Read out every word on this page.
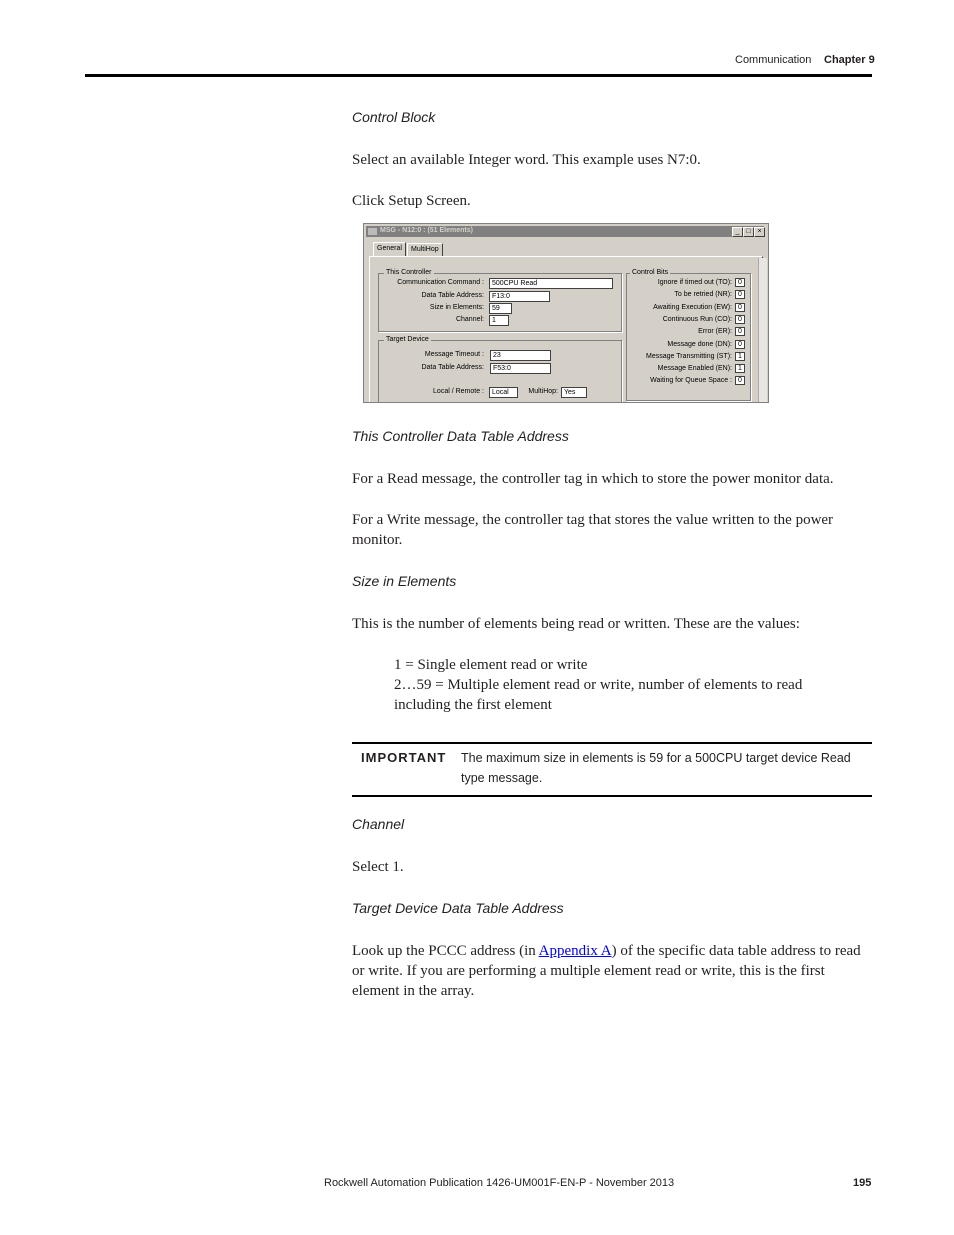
Communication Chapter 9
Control Block
Select an available Integer word. This example uses N7:0.
Click Setup Screen.
MSG - N12:0 : (51 Elements)	_ □ ×
General	MultiHop
This Controller
Communication Command :	500CPU Read
Data Table Address:	F13:0
Size in Elements:	59
Channel:	1
Target Device
Message Timeout :	23
Data Table Address:	F53:0
Local / Remote :	Local	MultiHop: Yes
Control Bits
Ignore if timed out (TO): 0
To be retried (NR): 0
Awaiting Execution (EW): 0
Continuous Run (CO): 0
Error (ER): 0
Message done (DN): 0
Message Transmitting (ST): 1
Message Enabled (EN): 1
Waiting for Queue Space : 0
This Controller Data Table Address
For a Read message, the controller tag in which to store the power monitor data.
For a Write message, the controller tag that stores the value written to the power monitor.
Size in Elements
This is the number of elements being read or written. These are the values:
1 = Single element read or write
2…59 = Multiple element read or write, number of elements to read including the first element
IMPORTANT The maximum size in elements is 59 for a 500CPU target device Read type message.
Channel
Select 1.
Target Device Data Table Address
Look up the PCCC address (in Appendix A) of the specific data table address to read or write. If you are performing a multiple element read or write, this is the first element in the array.
Rockwell Automation Publication 1426-UM001F-EN-P - November 2013	195
